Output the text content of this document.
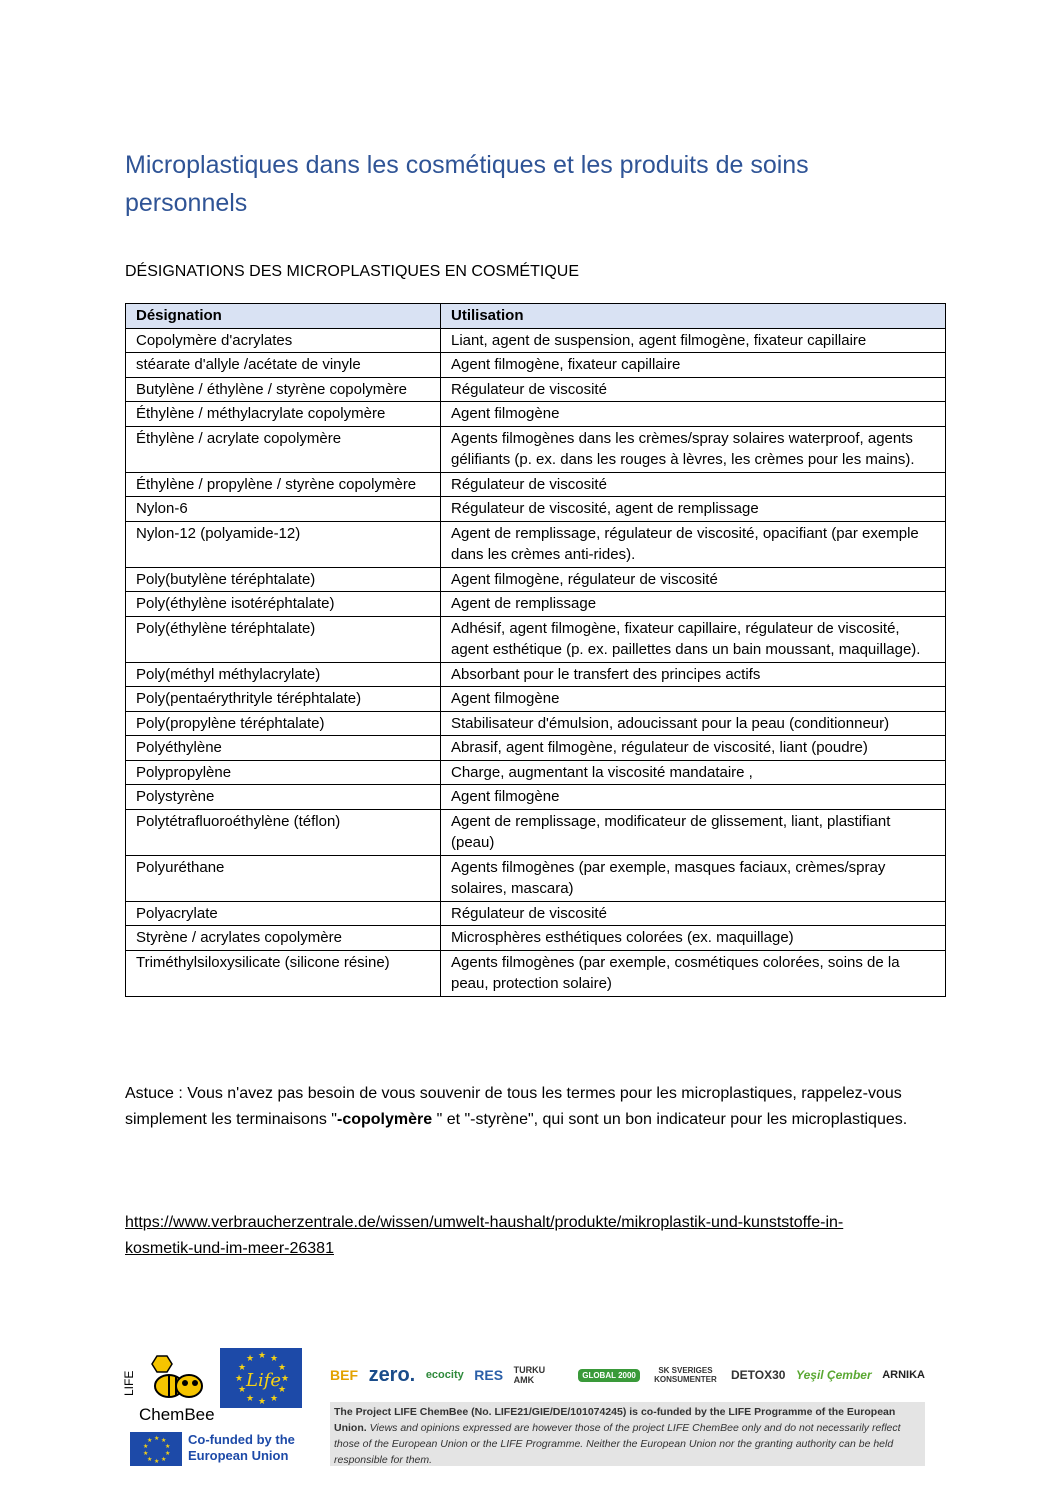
Microplastiques dans les cosmétiques et les produits de soins personnels
DÉSIGNATIONS DES MICROPLASTIQUES EN COSMÉTIQUE
Désignation	Utilisation
Copolymère d'acrylates	Liant, agent de suspension, agent filmogène, fixateur capillaire
stéarate d'allyle /acétate de vinyle	Agent filmogène, fixateur capillaire
Butylène / éthylène / styrène copolymère	Régulateur de viscosité
Éthylène / méthylacrylate copolymère	Agent filmogène
Éthylène / acrylate copolymère	Agents filmogènes dans les crèmes/spray solaires waterproof, agents gélifiants (p. ex. dans les rouges à lèvres, les crèmes pour les mains).
Éthylène / propylène / styrène copolymère	Régulateur de viscosité
Nylon-6	Régulateur de viscosité, agent de remplissage
Nylon-12 (polyamide-12)	Agent de remplissage, régulateur de viscosité, opacifiant (par exemple dans les crèmes anti-rides).
Poly(butylène téréphtalate)	Agent filmogène, régulateur de viscosité
Poly(éthylène isotéréphtalate)	Agent de remplissage
Poly(éthylène téréphtalate)	Adhésif, agent filmogène, fixateur capillaire, régulateur de viscosité, agent esthétique (p. ex. paillettes dans un bain moussant, maquillage).
Poly(méthyl méthylacrylate)	Absorbant pour le transfert des principes actifs
Poly(pentaérythrityle téréphtalate)	Agent filmogène
Poly(propylène téréphtalate)	Stabilisateur d'émulsion, adoucissant pour la peau (conditionneur)
Polyéthylène	Abrasif, agent filmogène, régulateur de viscosité, liant (poudre)
Polypropylène	Charge, augmentant la viscosité mandataire ,
Polystyrène	Agent filmogène
Polytétrafluoroéthylène (téflon)	Agent de remplissage, modificateur de glissement, liant, plastifiant (peau)
Polyuréthane	Agents filmogènes (par exemple, masques faciaux, crèmes/spray solaires, mascara)
Polyacrylate	Régulateur de viscosité
Styrène / acrylates copolymère	Microsphères esthétiques colorées (ex. maquillage)
Triméthylsiloxysilicate (silicone résine)	Agents filmogènes (par exemple, cosmétiques colorées, soins de la peau, protection solaire)

Astuce : Vous n'avez pas besoin de vous souvenir de tous les termes pour les microplastiques, rappelez-vous simplement les terminaisons "-copolymère " et "-styrène", qui sont un bon indicateur pour les microplastiques.

https://www.verbraucherzentrale.de/wissen/umwelt-haushalt/produkte/mikroplastik-und-kunststoffe-in-kosmetik-und-im-meer-26381
LIFE
ChemBee
★ ★
★
★
★
★
★
★
★
★
★
★
Life
★ ★
★
★
★
★
★
★
★
★	Co-funded by the European Union
BEF zero. ecocity RES TURKU AMK	GLOBAL 2000	SK SVERIGES KONSUMENTER	DETOX30 Yeşil Çember ARNIKA
The Project LIFE ChemBee (No. LIFE21/GIE/DE/101074245) is co-funded by the LIFE Programme of the European Union. Views and opinions expressed are however those of the project LIFE ChemBee only and do not necessarily reflect those of the European Union or the LIFE Programme. Neither the European Union nor the granting authority can be held responsible for them.
